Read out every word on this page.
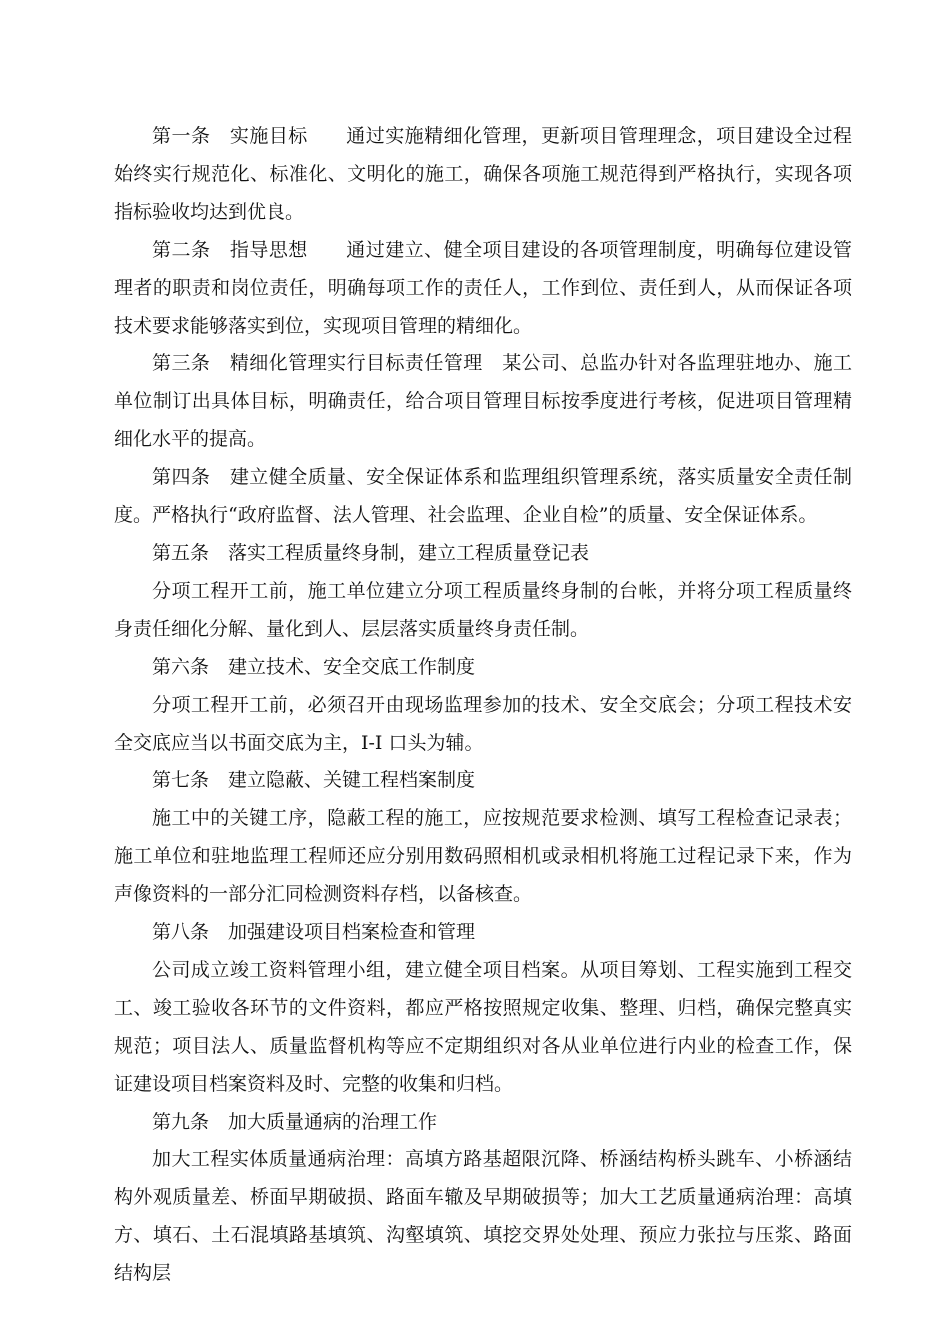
第一条 实施目标 通过实施精细化管理，更新项目管理理念，项目建设全过程始终实行规范化、标准化、文明化的施工，确保各项施工规范得到严格执行，实现各项指标验收均达到优良。

第二条 指导思想 通过建立、健全项目建设的各项管理制度，明确每位建设管理者的职责和岗位责任，明确每项工作的责任人，工作到位、责任到人，从而保证各项技术要求能够落实到位，实现项目管理的精细化。

第三条 精细化管理实行目标责任管理 某公司、总监办针对各监理驻地办、施工单位制订出具体目标，明确责任，给合项目管理目标按季度进行考核，促进项目管理精细化水平的提高。

第四条 建立健全质量、安全保证体系和监理组织管理系统，落实质量安全责任制度。严格执行“政府监督、法人管理、社会监理、企业自检”的质量、安全保证体系。

第五条 落实工程质量终身制，建立工程质量登记表

分项工程开工前，施工单位建立分项工程质量终身制的台帐，并将分项工程质量终身责任细化分解、量化到人、层层落实质量终身责任制。

第六条 建立技术、安全交底工作制度

分项工程开工前，必须召开由现场监理参加的技术、安全交底会；分项工程技术安全交底应当以书面交底为主，I-I 口头为辅。

第七条 建立隐蔽、关键工程档案制度

施工中的关键工序，隐蔽工程的施工，应按规范要求检测、填写工程检查记录表；施工单位和驻地监理工程师还应分别用数码照相机或录相机将施工过程记录下来，作为声像资料的一部分汇同检测资料存档，以备核查。

第八条 加强建设项目档案检查和管理

公司成立竣工资料管理小组，建立健全项目档案。从项目筹划、工程实施到工程交工、竣工验收各环节的文件资料，都应严格按照规定收集、整理、归档，确保完整真实规范；项目法人、质量监督机构等应不定期组织对各从业单位进行内业的检查工作，保证建设项目档案资料及时、完整的收集和归档。

第九条 加大质量通病的治理工作

加大工程实体质量通病治理：高填方路基超限沉降、桥涵结构桥头跳车、小桥涵结构外观质量差、桥面早期破损、路面车辙及早期破损等；加大工艺质量通病治理：高填方、填石、土石混填路基填筑、沟壑填筑、填挖交界处处理、预应力张拉与压浆、路面结构层
